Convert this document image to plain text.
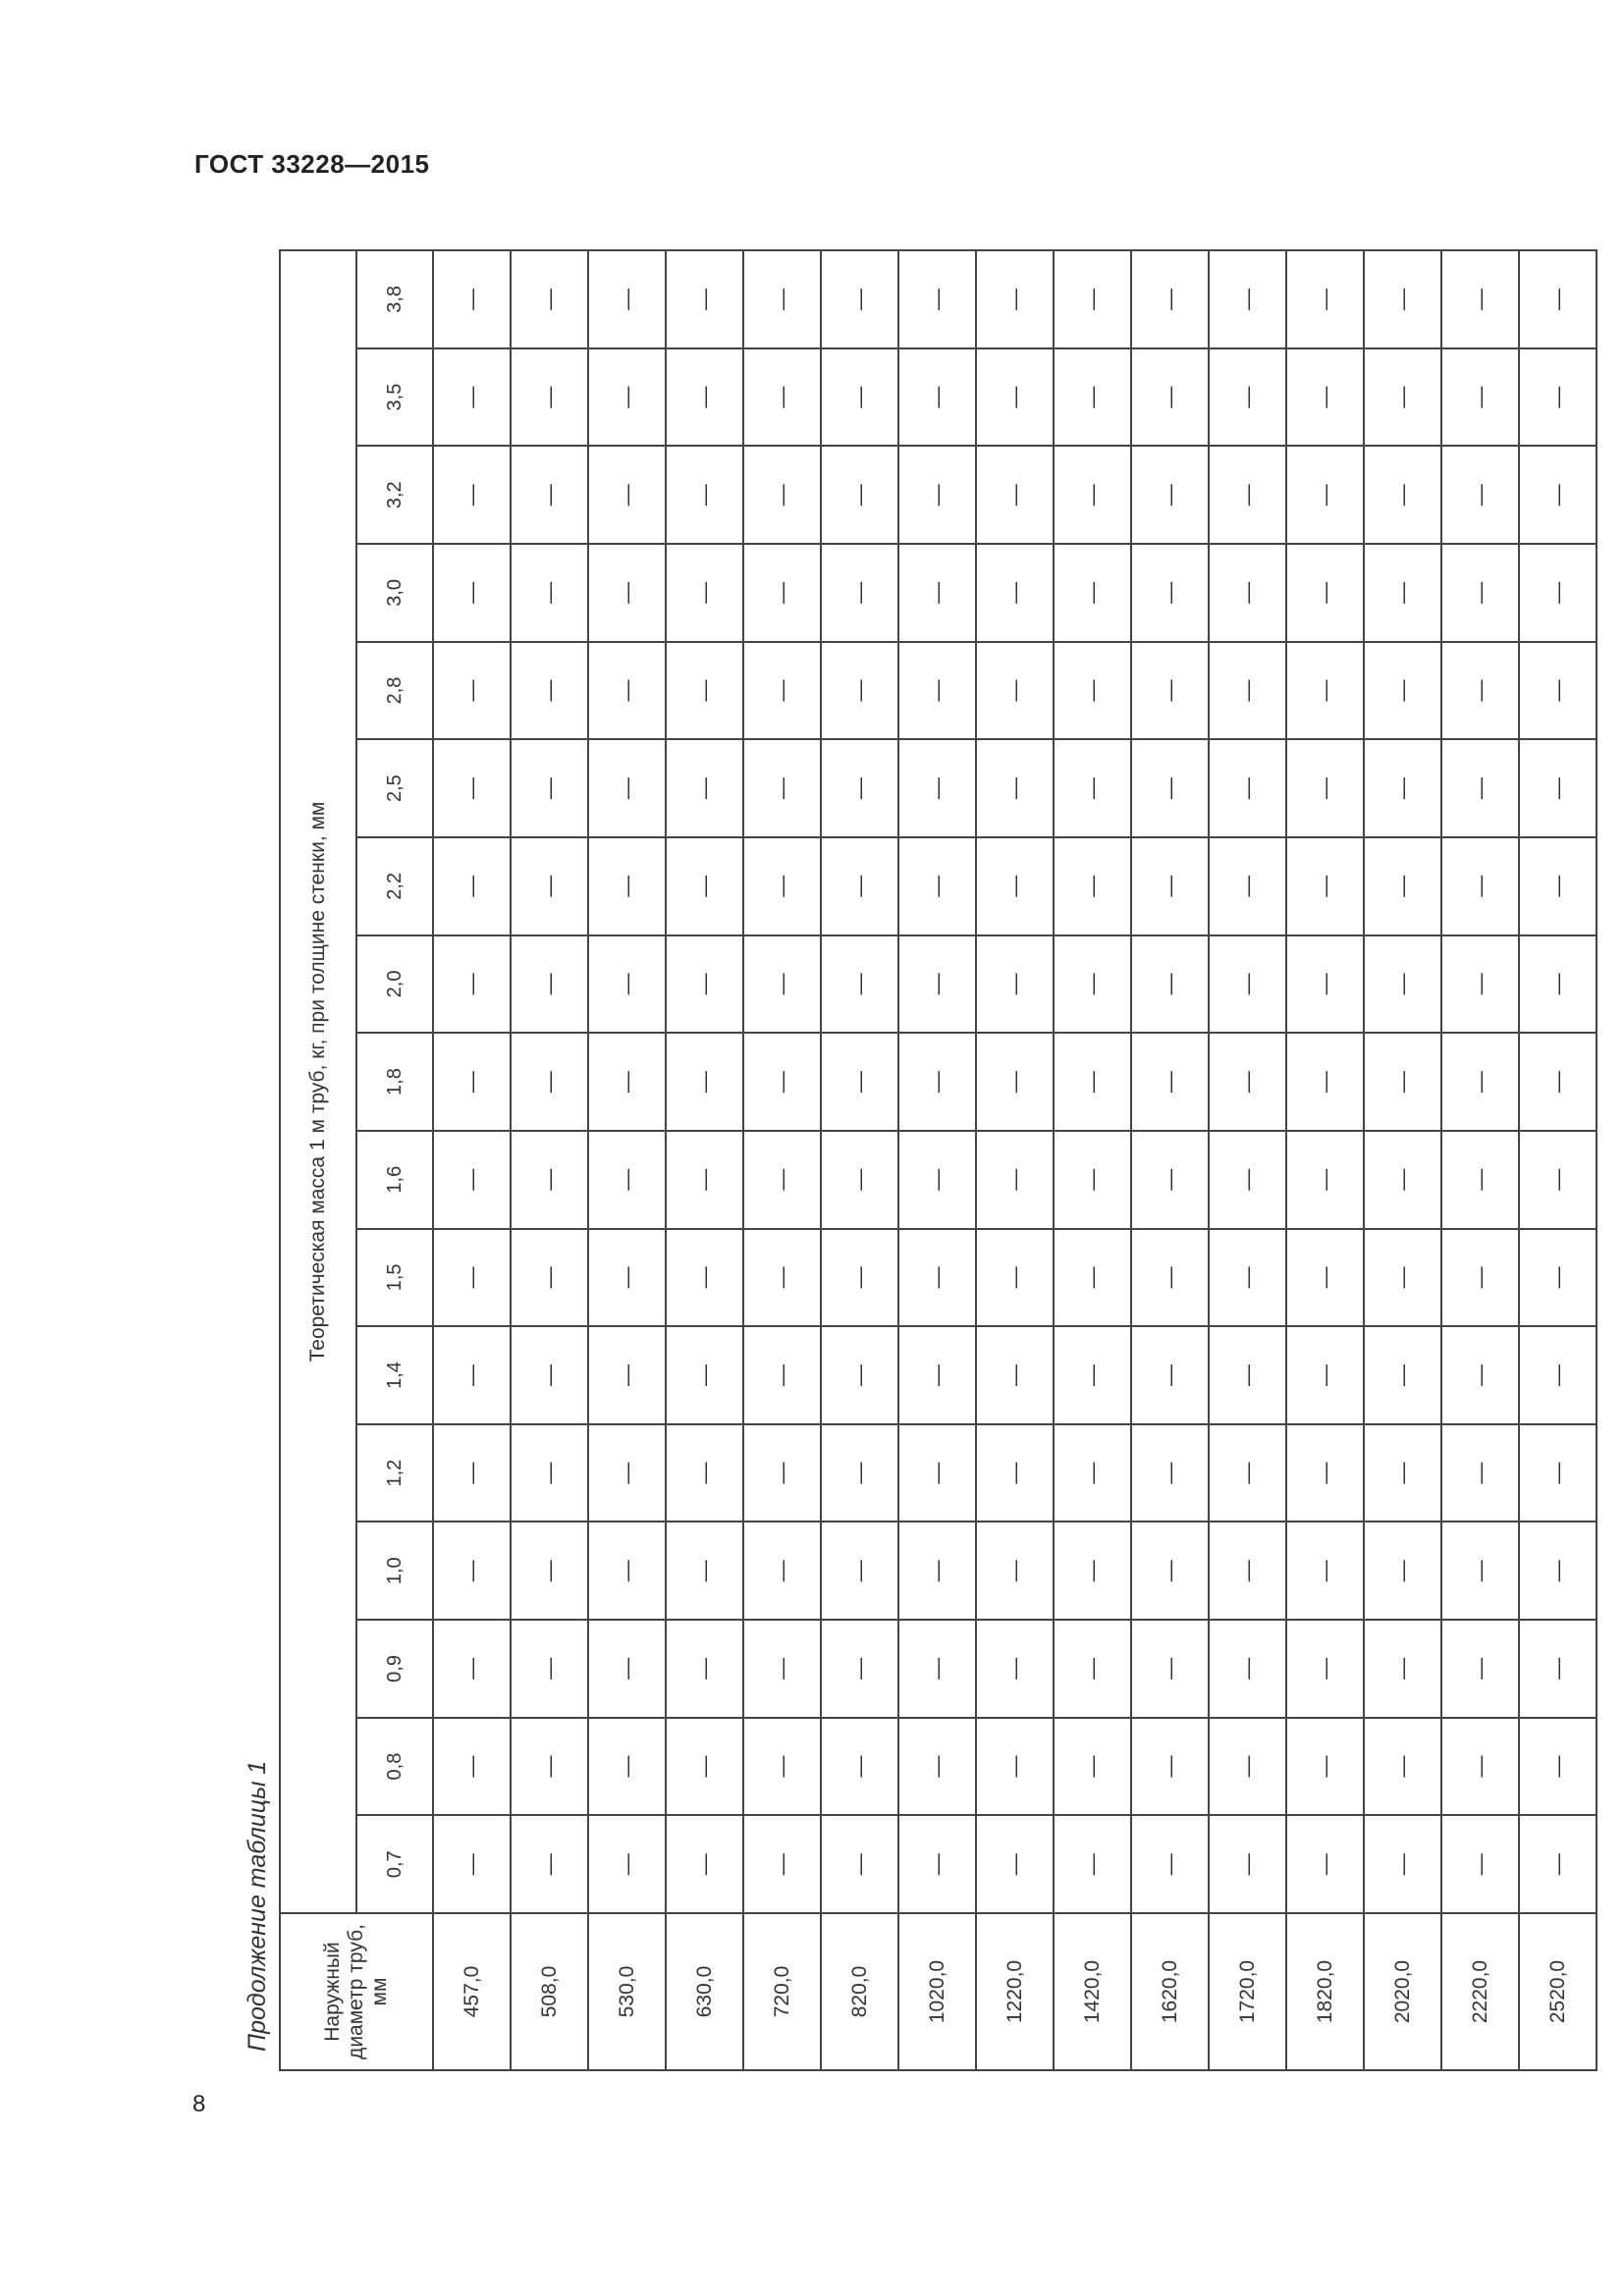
ГОСТ 33228—2015
Продолжение таблицы 1	Наружный диаметр труб, мм	Теоретическая масса 1 м труб, кг, при толщине стенки, мм																
	0,7	0,8	0,9	1,0	1,2	1,4	1,5	1,6	1,8	2,0	2,2	2,5	2,8	3,0	3,2	3,5	3,8
457,0	—	—	—	—	—	—	—	—	—	—	—	—	—	—	—	—	—
508,0	—	—	—	—	—	—	—	—	—	—	—	—	—	—	—	—	—
530,0	—	—	—	—	—	—	—	—	—	—	—	—	—	—	—	—	—
630,0	—	—	—	—	—	—	—	—	—	—	—	—	—	—	—	—	—
720,0	—	—	—	—	—	—	—	—	—	—	—	—	—	—	—	—	—
820,0	—	—	—	—	—	—	—	—	—	—	—	—	—	—	—	—	—
1020,0	—	—	—	—	—	—	—	—	—	—	—	—	—	—	—	—	—
1220,0	—	—	—	—	—	—	—	—	—	—	—	—	—	—	—	—	—
1420,0	—	—	—	—	—	—	—	—	—	—	—	—	—	—	—	—	—
1620,0	—	—	—	—	—	—	—	—	—	—	—	—	—	—	—	—	—
1720,0	—	—	—	—	—	—	—	—	—	—	—	—	—	—	—	—	—
1820,0	—	—	—	—	—	—	—	—	—	—	—	—	—	—	—	—	—
2020,0	—	—	—	—	—	—	—	—	—	—	—	—	—	—	—	—	—
2220,0	—	—	—	—	—	—	—	—	—	—	—	—	—	—	—	—	—
2520,0	—	—	—	—	—	—	—	—	—	—	—	—	—	—	—	—	—
8
